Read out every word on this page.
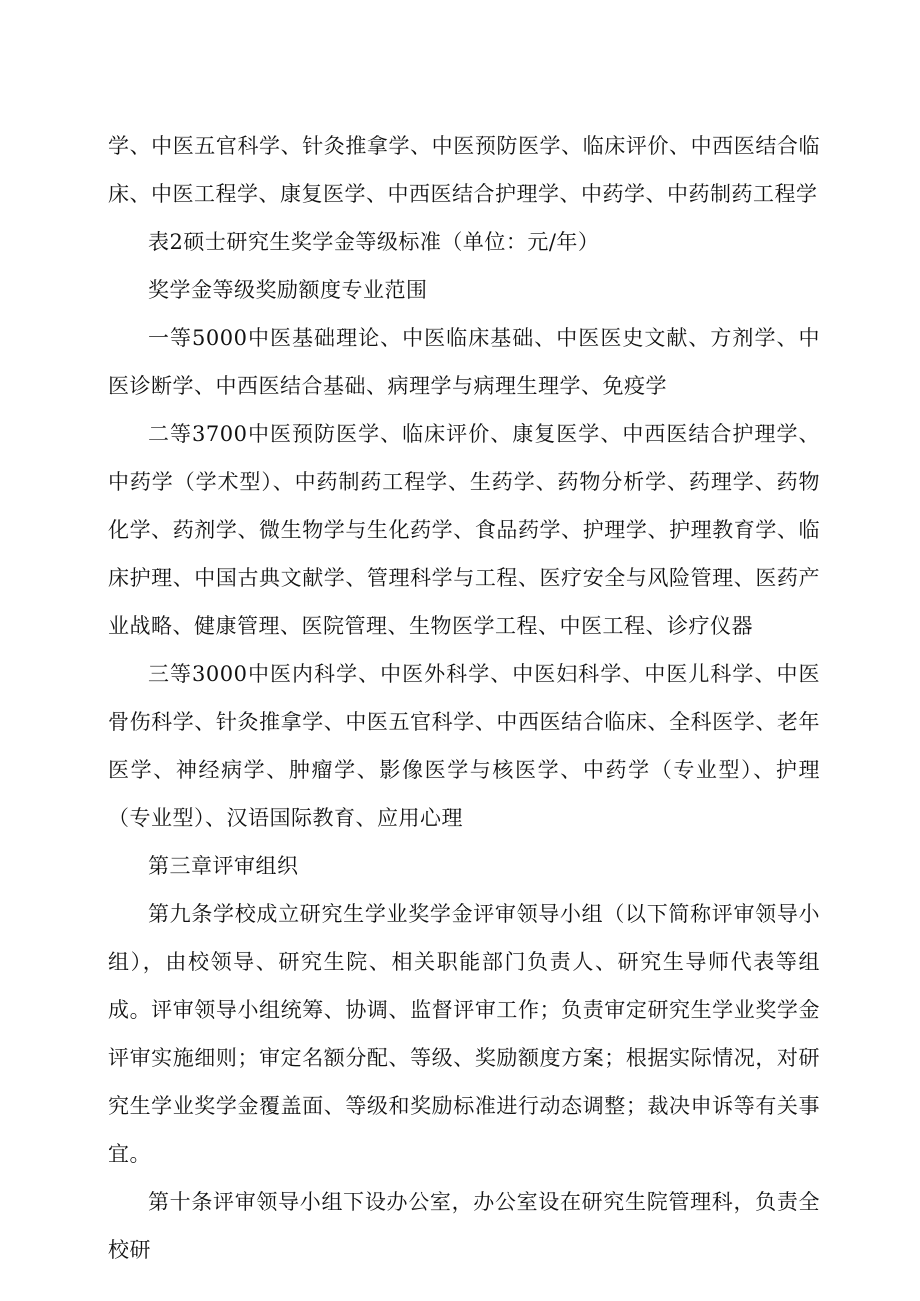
学、中医五官科学、针灸推拿学、中医预防医学、临床评价、中西医结合临床、中医工程学、康复医学、中西医结合护理学、中药学、中药制药工程学

表2硕士研究生奖学金等级标准（单位：元/年）

奖学金等级奖励额度专业范围

一等5000中医基础理论、中医临床基础、中医医史文献、方剂学、中医诊断学、中西医结合基础、病理学与病理生理学、免疫学

二等3700中医预防医学、临床评价、康复医学、中西医结合护理学、中药学（学术型）、中药制药工程学、生药学、药物分析学、药理学、药物化学、药剂学、微生物学与生化药学、食品药学、护理学、护理教育学、临床护理、中国古典文献学、管理科学与工程、医疗安全与风险管理、医药产业战略、健康管理、医院管理、生物医学工程、中医工程、诊疗仪器

三等3000中医内科学、中医外科学、中医妇科学、中医儿科学、中医骨伤科学、针灸推拿学、中医五官科学、中西医结合临床、全科医学、老年医学、神经病学、肿瘤学、影像医学与核医学、中药学（专业型）、护理（专业型）、汉语国际教育、应用心理

第三章评审组织

第九条学校成立研究生学业奖学金评审领导小组（以下简称评审领导小组），由校领导、研究生院、相关职能部门负责人、研究生导师代表等组成。评审领导小组统筹、协调、监督评审工作；负责审定研究生学业奖学金评审实施细则；审定名额分配、等级、奖励额度方案；根据实际情况，对研究生学业奖学金覆盖面、等级和奖励标准进行动态调整；裁决申诉等有关事宜。

第十条评审领导小组下设办公室，办公室设在研究生院管理科，负责全校研
